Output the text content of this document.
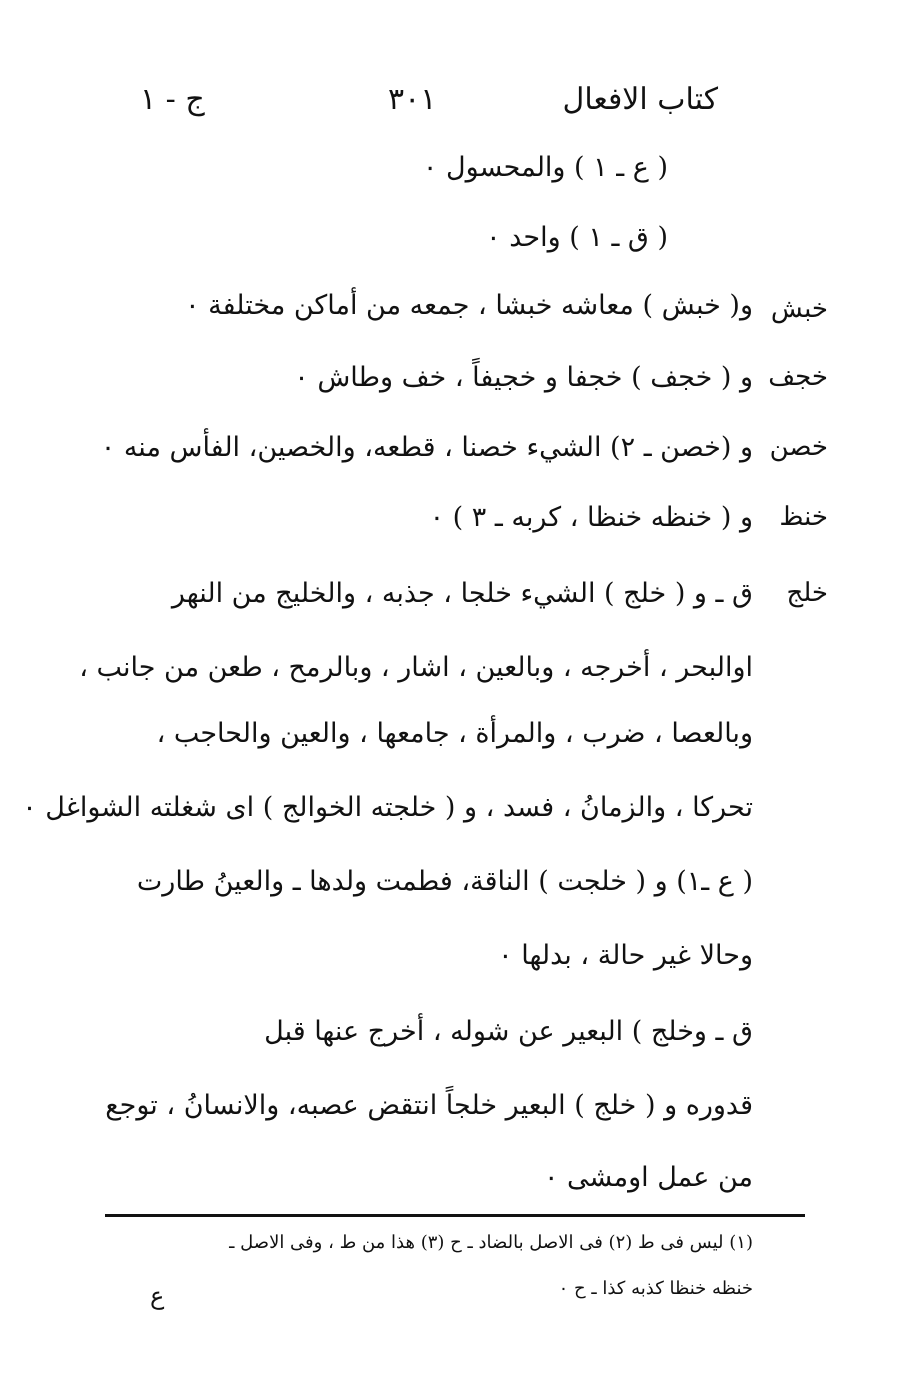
كتاب الافعال
٣٠١
ج - ١
( ع ـ ١ ) والمحسول ٠
( ق ـ ١ ) واحد ٠
خبش
و( خبش ) معاشه خبشا ، جمعه من أماكن مختلفة ٠
خجف
و ( خجف ) خجفا و خجيفاً ، خف وطاش ٠
خصن
و (خصن ـ ٢) الشيء خصنا ، قطعه، والخصين، الفأس منه ٠
خنظ
و ( خنظه خنظا ، كربه ـ ٣ ) ٠
خلج
ق ـ و ( خلج ) الشيء خلجا ، جذبه ، والخليج من النهر
اوالبحر ، أخرجه ، وبالعين ، اشار ، وبالرمح ، طعن من جانب ،
وبالعصا ، ضرب ، والمرأة ، جامعها ، والعين والحاجب ،
تحركا ، والزمانُ ، فسد ، و ( خلجته الخوالج ) اى شغلته الشواغل ٠
( ع ـ١) و ( خلجت ) الناقة، فطمت ولدها ـ والعينُ طارت
وحالا غير حالة ، بدلها ٠
ق ـ وخلج ) البعير عن شوله ، أخرج عنها قبل
قدوره و ( خلج ) البعير خلجاً انتقض عصبه، والانسانُ ، توجع
من عمل اومشى ٠
(١) ليس فى ط (٢) فى الاصل بالضاد ـ ح (٣) هذا من ط ، وفى الاصل ـ
خنظه خنظا كذبه كذا ـ ح ٠
ع
